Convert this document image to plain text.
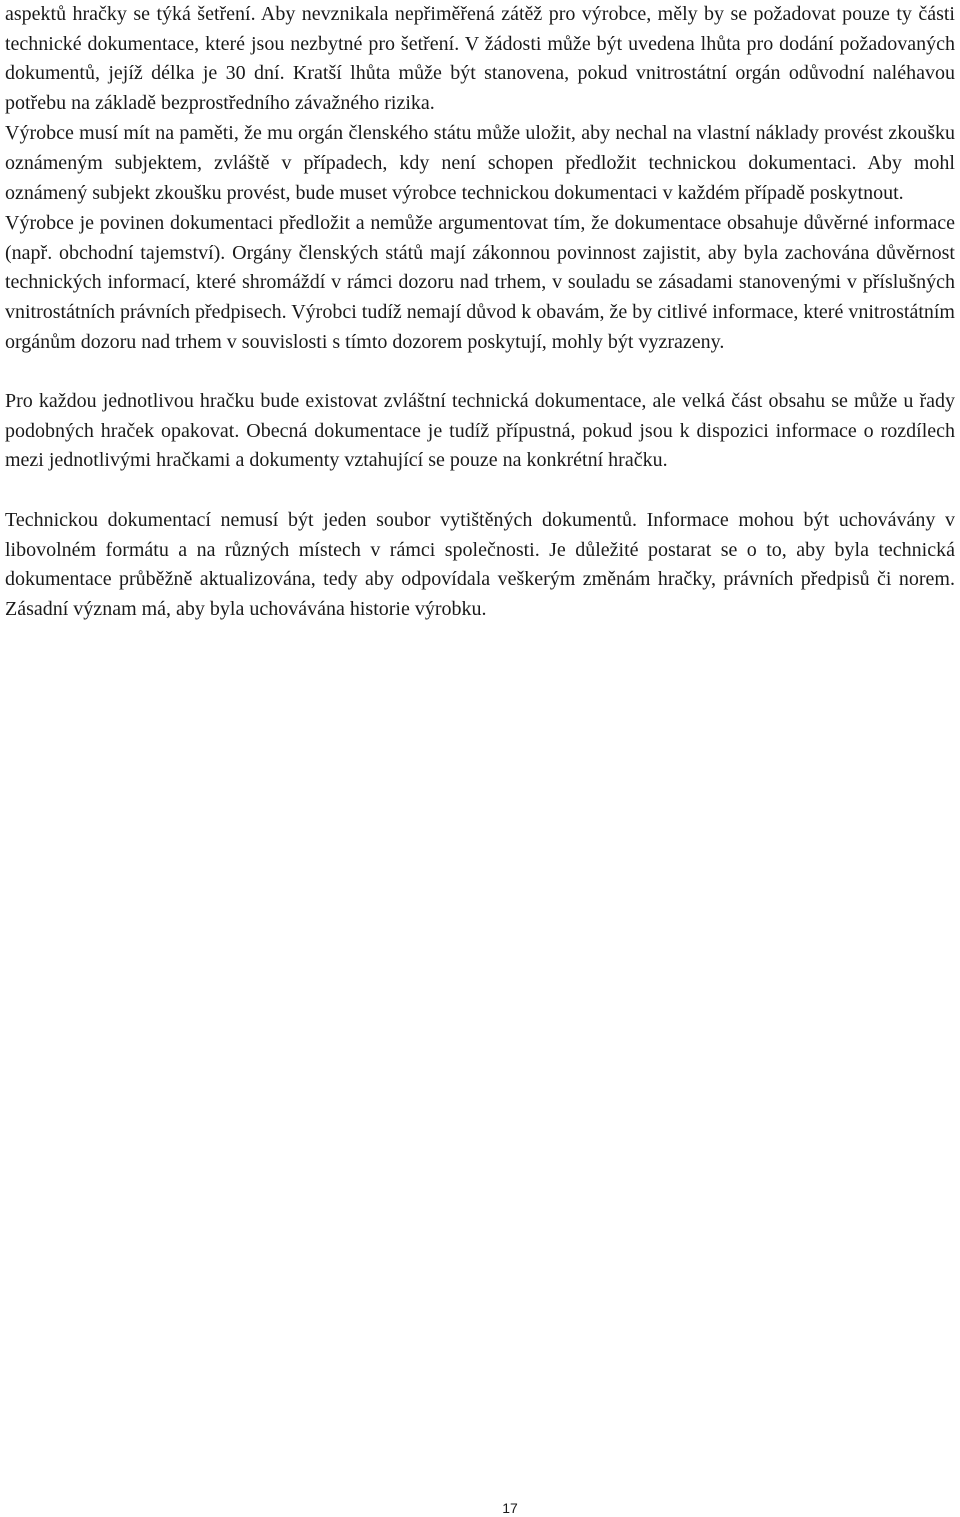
aspektů hračky se týká šetření. Aby nevznikala nepřiměřená zátěž pro výrobce, měly by se požadovat pouze ty části technické dokumentace, které jsou nezbytné pro šetření. V žádosti může být uvedena lhůta pro dodání požadovaných dokumentů, jejíž délka je 30 dní. Kratší lhůta může být stanovena, pokud vnitrostátní orgán odůvodní naléhavou potřebu na základě bezprostředního závažného rizika.

Výrobce musí mít na paměti, že mu orgán členského státu může uložit, aby nechal na vlastní náklady provést zkoušku oznámeným subjektem, zvláště v případech, kdy není schopen předložit technickou dokumentaci. Aby mohl oznámený subjekt zkoušku provést, bude muset výrobce technickou dokumentaci v každém případě poskytnout.

Výrobce je povinen dokumentaci předložit a nemůže argumentovat tím, že dokumentace obsahuje důvěrné informace (např. obchodní tajemství). Orgány členských států mají zákonnou povinnost zajistit, aby byla zachována důvěrnost technických informací, které shromáždí v rámci dozoru nad trhem, v souladu se zásadami stanovenými v příslušných vnitrostátních právních předpisech. Výrobci tudíž nemají důvod k obavám, že by citlivé informace, které vnitrostátním orgánům dozoru nad trhem v souvislosti s tímto dozorem poskytují, mohly být vyzrazeny.

Pro každou jednotlivou hračku bude existovat zvláštní technická dokumentace, ale velká část obsahu se může u řady podobných hraček opakovat. Obecná dokumentace je tudíž přípustná, pokud jsou k dispozici informace o rozdílech mezi jednotlivými hračkami a dokumenty vztahující se pouze na konkrétní hračku.

Technickou dokumentací nemusí být jeden soubor vytištěných dokumentů. Informace mohou být uchovávány v libovolném formátu a na různých místech v rámci společnosti. Je důležité postarat se o to, aby byla technická dokumentace průběžně aktualizována, tedy aby odpovídala veškerým změnám hračky, právních předpisů či norem. Zásadní význam má, aby byla uchovávána historie výrobku.

17
